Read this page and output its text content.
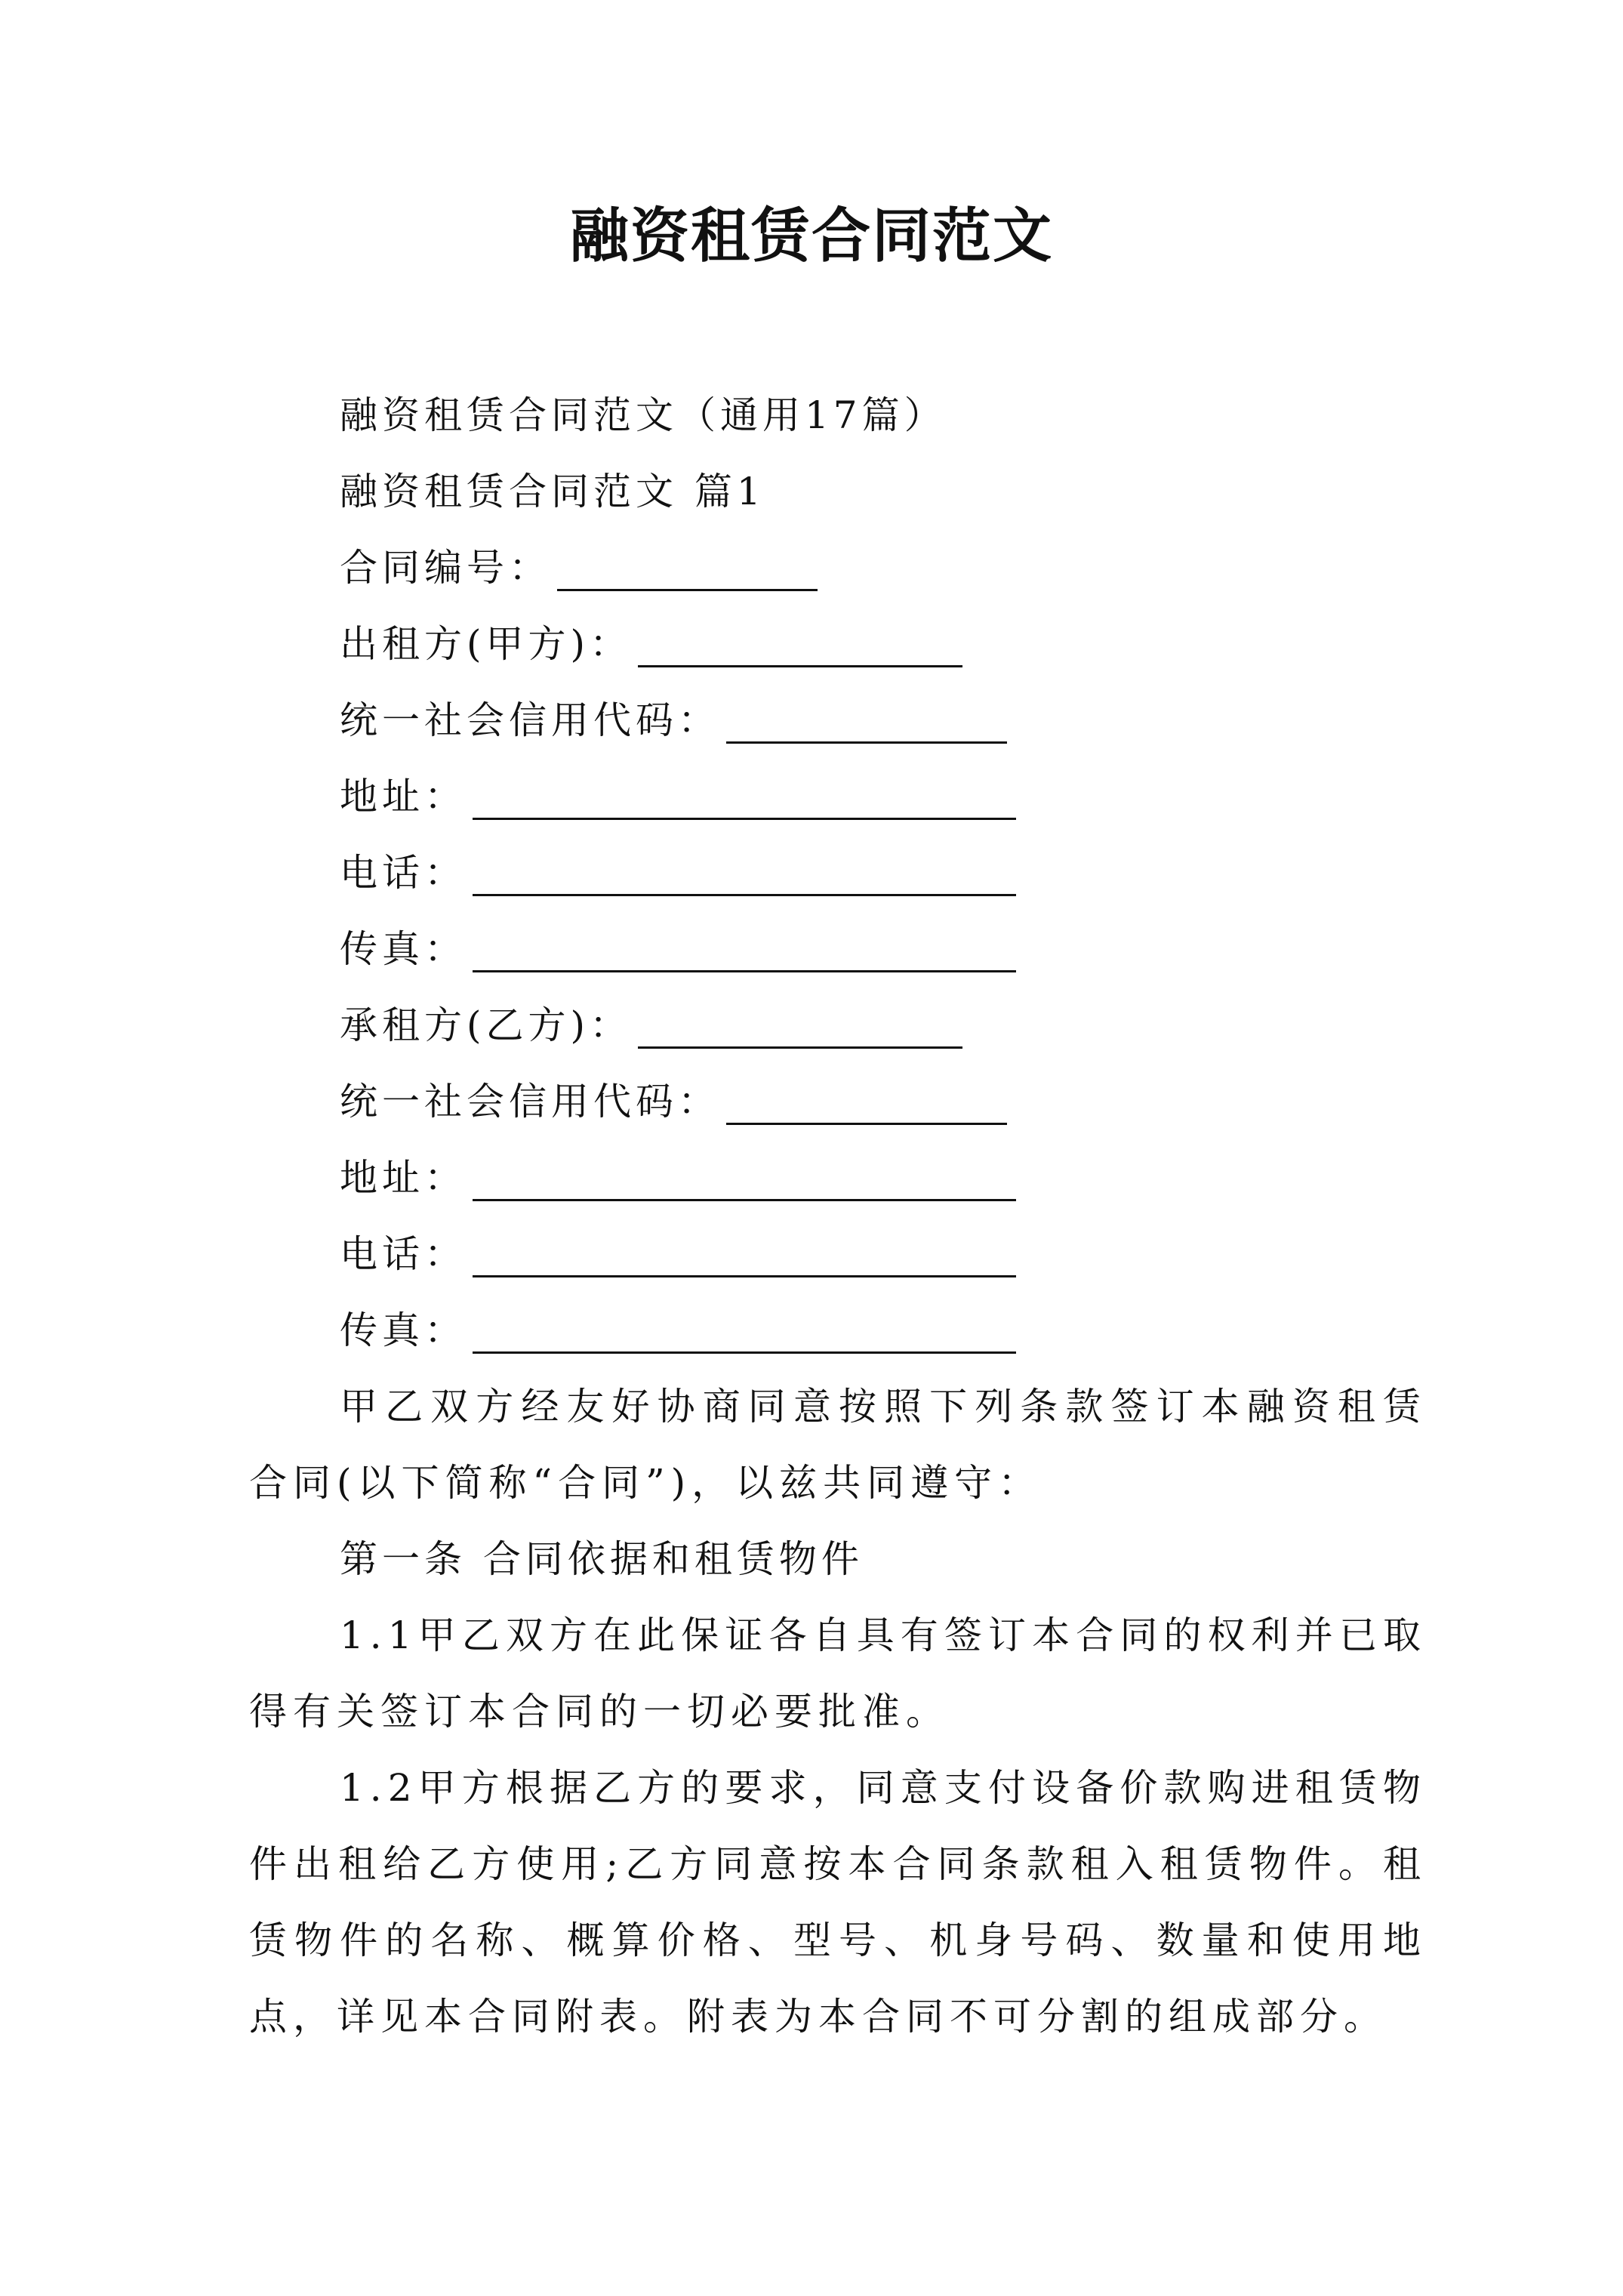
融资租赁合同范文
融资租赁合同范文（通用17篇）
融资租赁合同范文 篇1
合同编号：
出租方(甲方)：
统一社会信用代码：
地址：
电话：
传真：
承租方(乙方)：
统一社会信用代码：
地址：
电话：
传真：

甲乙双方经友好协商同意按照下列条款签订本融资租赁合同(以下简称“合同”)，以兹共同遵守：

第一条 合同依据和租赁物件

1.1甲乙双方在此保证各自具有签订本合同的权利并已取得有关签订本合同的一切必要批准。

1.2甲方根据乙方的要求，同意支付设备价款购进租赁物件出租给乙方使用;乙方同意按本合同条款租入租赁物件。租赁物件的名称、概算价格、型号、机身号码、数量和使用地点，详见本合同附表。附表为本合同不可分割的组成部分。
